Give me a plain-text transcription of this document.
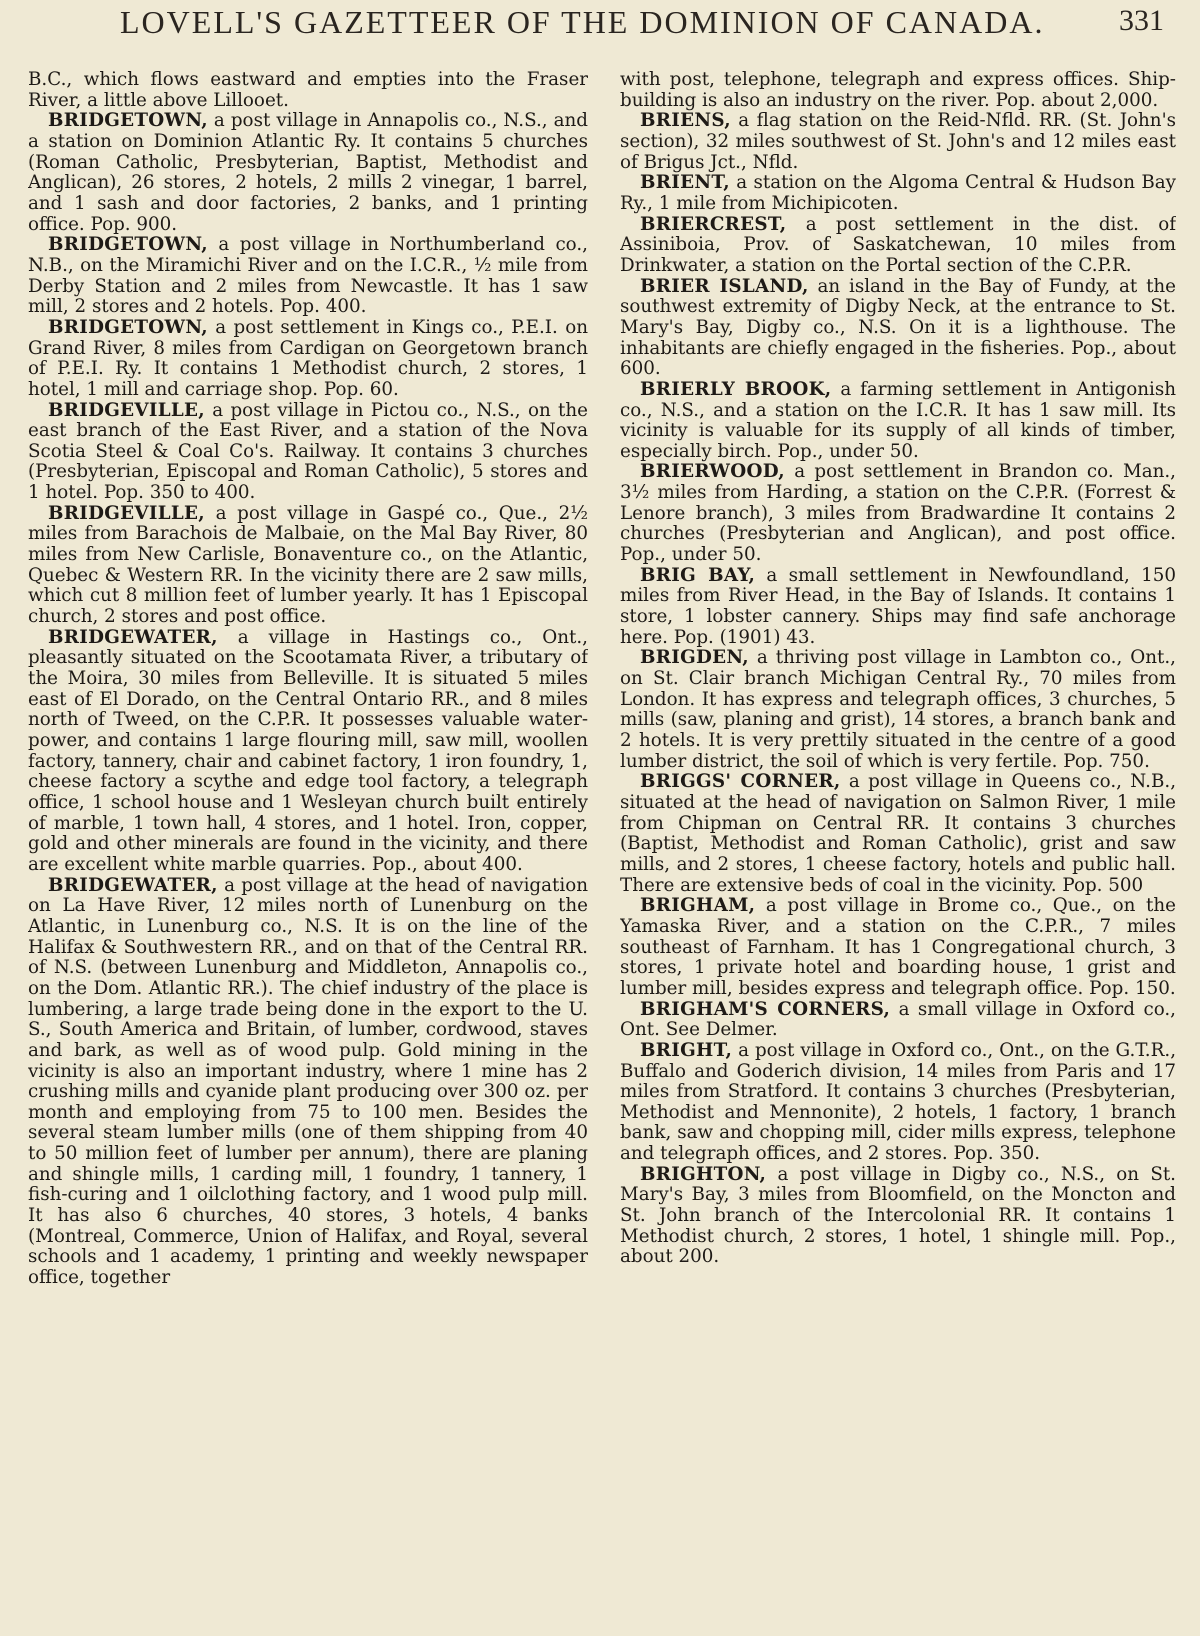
LOVELL'S GAZETTEER OF THE DOMINION OF CANADA. 331

B.C., which flows eastward and empties into the Fraser River, a little above Lillooet.

BRIDGETOWN, a post village in Annapolis co., N.S., and a station on Dominion Atlantic Ry. It contains 5 churches (Roman Catholic, Presbyterian, Baptist, Methodist and Anglican), 26 stores, 2 hotels, 2 mills 2 vinegar, 1 barrel, and 1 sash and door factories, 2 banks, and 1 printing office. Pop. 900.

BRIDGETOWN, a post village in Northumberland co., N.B., on the Miramichi River and on the I.C.R., ½ mile from Derby Station and 2 miles from Newcastle. It has 1 saw mill, 2 stores and 2 hotels. Pop. 400.

BRIDGETOWN, a post settlement in Kings co., P.E.I. on Grand River, 8 miles from Cardigan on Georgetown branch of P.E.I. Ry. It contains 1 Methodist church, 2 stores, 1 hotel, 1 mill and carriage shop. Pop. 60.

BRIDGEVILLE, a post village in Pictou co., N.S., on the east branch of the East River, and a station of the Nova Scotia Steel & Coal Co's. Railway. It contains 3 churches (Presbyterian, Episcopal and Roman Catholic), 5 stores and 1 hotel. Pop. 350 to 400.

BRIDGEVILLE, a post village in Gaspé co., Que., 2½ miles from Barachois de Malbaie, on the Mal Bay River, 80 miles from New Carlisle, Bonaventure co., on the Atlantic, Quebec & Western RR. In the vicinity there are 2 saw mills, which cut 8 million feet of lumber yearly. It has 1 Episcopal church, 2 stores and post office.

BRIDGEWATER, a village in Hastings co., Ont., pleasantly situated on the Scootamata River, a tributary of the Moira, 30 miles from Belleville. It is situated 5 miles east of El Dorado, on the Central Ontario RR., and 8 miles north of Tweed, on the C.P.R. It possesses valuable water-power, and contains 1 large flouring mill, saw mill, woollen factory, tannery, chair and cabinet factory, 1 iron foundry, 1, cheese factory a scythe and edge tool factory, a telegraph office, 1 school house and 1 Wesleyan church built entirely of marble, 1 town hall, 4 stores, and 1 hotel. Iron, copper, gold and other minerals are found in the vicinity, and there are excellent white marble quarries. Pop., about 400.

BRIDGEWATER, a post village at the head of navigation on La Have River, 12 miles north of Lunenburg on the Atlantic, in Lunenburg co., N.S. It is on the line of the Halifax & Southwestern RR., and on that of the Central RR. of N.S. (between Lunenburg and Middleton, Annapolis co., on the Dom. Atlantic RR.). The chief industry of the place is lumbering, a large trade being done in the export to the U. S., South America and Britain, of lumber, cordwood, staves and bark, as well as of wood pulp. Gold mining in the vicinity is also an important industry, where 1 mine has 2 crushing mills and cyanide plant producing over 300 oz. per month and employing from 75 to 100 men. Besides the several steam lumber mills (one of them shipping from 40 to 50 million feet of lumber per annum), there are planing and shingle mills, 1 carding mill, 1 foundry, 1 tannery, 1 fish-curing and 1 oilclothing factory, and 1 wood pulp mill. It has also 6 churches, 40 stores, 3 hotels, 4 banks (Montreal, Commerce, Union of Halifax, and Royal, several schools and 1 academy, 1 printing and weekly newspaper office, together

with post, telephone, telegraph and express offices. Ship-building is also an industry on the river. Pop. about 2,000.

BRIENS, a flag station on the Reid-Nfld. RR. (St. John's section), 32 miles southwest of St. John's and 12 miles east of Brigus Jct., Nfld.

BRIENT, a station on the Algoma Central & Hudson Bay Ry., 1 mile from Michipicoten.

BRIERCREST, a post settlement in the dist. of Assiniboia, Prov. of Saskatchewan, 10 miles from Drinkwater, a station on the Portal section of the C.P.R.

BRIER ISLAND, an island in the Bay of Fundy, at the southwest extremity of Digby Neck, at the entrance to St. Mary's Bay, Digby co., N.S. On it is a lighthouse. The inhabitants are chiefly engaged in the fisheries. Pop., about 600.

BRIERLY BROOK, a farming settlement in Antigonish co., N.S., and a station on the I.C.R. It has 1 saw mill. Its vicinity is valuable for its supply of all kinds of timber, especially birch. Pop., under 50.

BRIERWOOD, a post settlement in Brandon co. Man., 3½ miles from Harding, a station on the C.P.R. (Forrest & Lenore branch), 3 miles from Bradwardine It contains 2 churches (Presbyterian and Anglican), and post office. Pop., under 50.

BRIG BAY, a small settlement in Newfoundland, 150 miles from River Head, in the Bay of Islands. It contains 1 store, 1 lobster cannery. Ships may find safe anchorage here. Pop. (1901) 43.

BRIGDEN, a thriving post village in Lambton co., Ont., on St. Clair branch Michigan Central Ry., 70 miles from London. It has express and telegraph offices, 3 churches, 5 mills (saw, planing and grist), 14 stores, a branch bank and 2 hotels. It is very prettily situated in the centre of a good lumber district, the soil of which is very fertile. Pop. 750.

BRIGGS' CORNER, a post village in Queens co., N.B., situated at the head of navigation on Salmon River, 1 mile from Chipman on Central RR. It contains 3 churches (Baptist, Methodist and Roman Catholic), grist and saw mills, and 2 stores, 1 cheese factory, hotels and public hall. There are extensive beds of coal in the vicinity. Pop. 500

BRIGHAM, a post village in Brome co., Que., on the Yamaska River, and a station on the C.P.R., 7 miles southeast of Farnham. It has 1 Congregational church, 3 stores, 1 private hotel and boarding house, 1 grist and lumber mill, besides express and telegraph office. Pop. 150.

BRIGHAM'S CORNERS, a small village in Oxford co., Ont. See Delmer.

BRIGHT, a post village in Oxford co., Ont., on the G.T.R., Buffalo and Goderich division, 14 miles from Paris and 17 miles from Stratford. It contains 3 churches (Presbyterian, Methodist and Mennonite), 2 hotels, 1 factory, 1 branch bank, saw and chopping mill, cider mills express, telephone and telegraph offices, and 2 stores. Pop. 350.

BRIGHTON, a post village in Digby co., N.S., on St. Mary's Bay, 3 miles from Bloomfield, on the Moncton and St. John branch of the Intercolonial RR. It contains 1 Methodist church, 2 stores, 1 hotel, 1 shingle mill. Pop., about 200.
